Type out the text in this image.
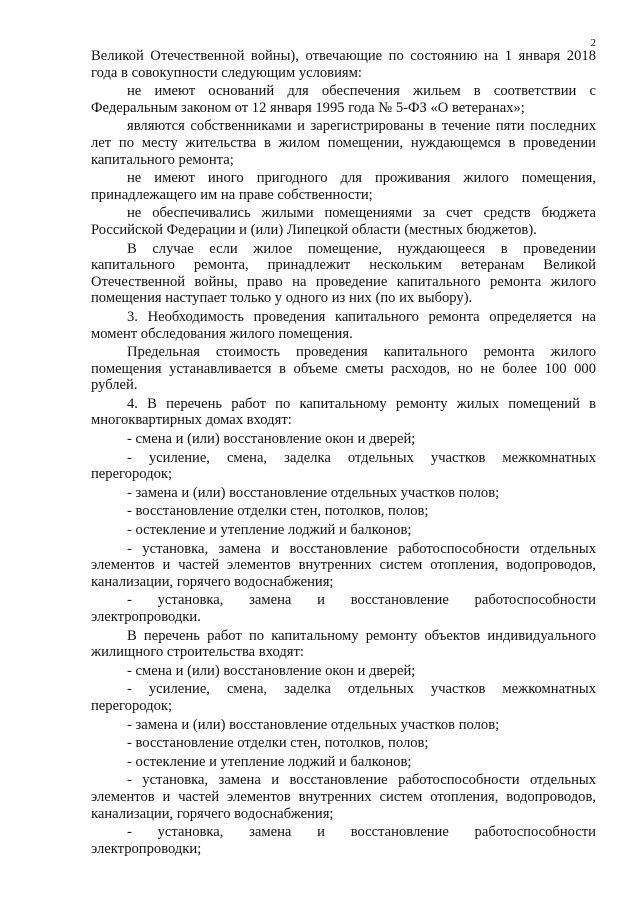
2

Великой Отечественной войны), отвечающие по состоянию на 1 января 2018 года в совокупности следующим условиям:

не имеют оснований для обеспечения жильем в соответствии с Федеральным законом от 12 января 1995 года № 5-ФЗ «О ветеранах»;

являются собственниками и зарегистрированы в течение пяти последних лет по месту жительства в жилом помещении, нуждающемся в проведении капитального ремонта;

не имеют иного пригодного для проживания жилого помещения, принадлежащего им на праве собственности;

не обеспечивались жилыми помещениями за счет средств бюджета Российской Федерации и (или) Липецкой области (местных бюджетов).

В случае если жилое помещение, нуждающееся в проведении капитального ремонта, принадлежит нескольким ветеранам Великой Отечественной войны, право на проведение капитального ремонта жилого помещения наступает только у одного из них (по их выбору).

3. Необходимость проведения капитального ремонта определяется на момент обследования жилого помещения.

Предельная стоимость проведения капитального ремонта жилого помещения устанавливается в объеме сметы расходов, но не более 100 000 рублей.

4. В перечень работ по капитальному ремонту жилых помещений в многоквартирных домах входят:

- смена и (или) восстановление окон и дверей;

- усиление, смена, заделка отдельных участков межкомнатных перегородок;

- замена и (или) восстановление отдельных участков полов;

- восстановление отделки стен, потолков, полов;

- остекление и утепление лоджий и балконов;

- установка, замена и восстановление работоспособности отдельных элементов и частей элементов внутренних систем отопления, водопроводов, канализации, горячего водоснабжения;

- установка, замена и восстановление работоспособности электропроводки.

В перечень работ по капитальному ремонту объектов индивидуального жилищного строительства входят:

- смена и (или) восстановление окон и дверей;

- усиление, смена, заделка отдельных участков межкомнатных перегородок;

- замена и (или) восстановление отдельных участков полов;

- восстановление отделки стен, потолков, полов;

- остекление и утепление лоджий и балконов;

- установка, замена и восстановление работоспособности отдельных элементов и частей элементов внутренних систем отопления, водопроводов, канализации, горячего водоснабжения;

- установка, замена и восстановление работоспособности электропроводки;
